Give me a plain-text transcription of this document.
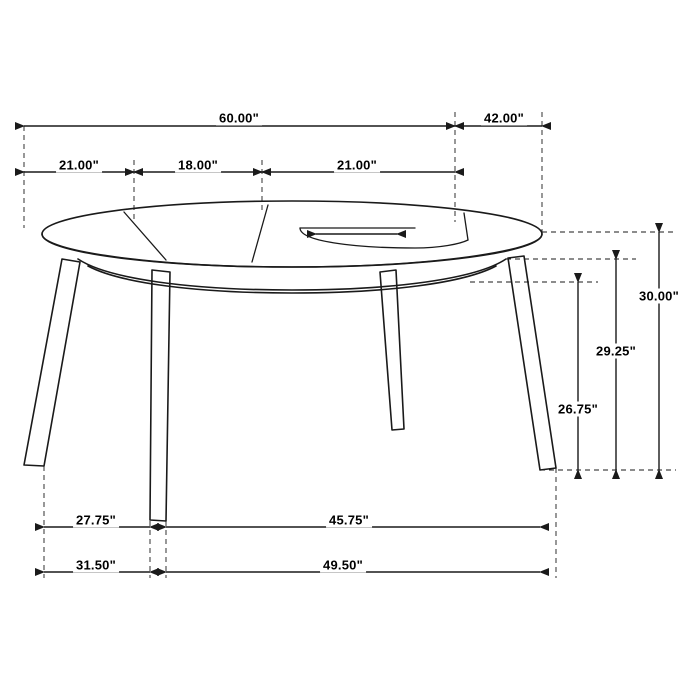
60.00"	42.00"
21.00"	18.00"	21.00"
30.00"
29.25"
26.75"
27.75"	45.75"
31.50"	49.50"
